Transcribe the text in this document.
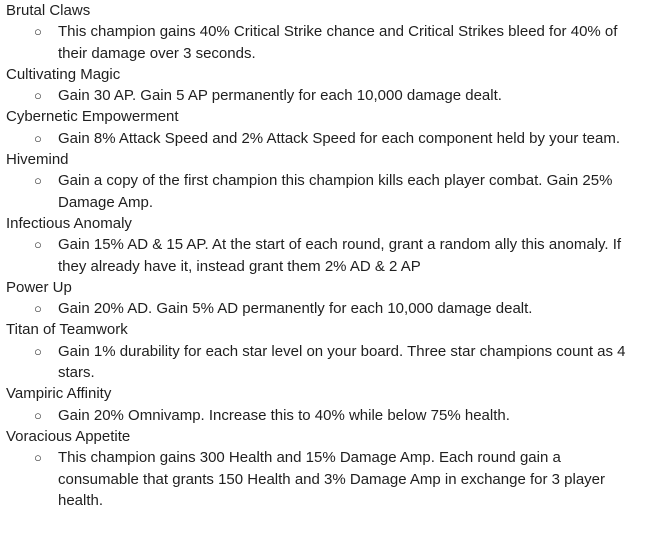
Brutal Claws
○ This champion gains 40% Critical Strike chance and Critical Strikes bleed for 40% of their damage over 3 seconds.
Cultivating Magic
○ Gain 30 AP. Gain 5 AP permanently for each 10,000 damage dealt.
Cybernetic Empowerment
○ Gain 8% Attack Speed and 2% Attack Speed for each component held by your team.
Hivemind
○ Gain a copy of the first champion this champion kills each player combat. Gain 25% Damage Amp.
Infectious Anomaly
○ Gain 15% AD & 15 AP. At the start of each round, grant a random ally this anomaly. If they already have it, instead grant them 2% AD & 2 AP
Power Up
○ Gain 20% AD. Gain 5% AD permanently for each 10,000 damage dealt.
Titan of Teamwork
○ Gain 1% durability for each star level on your board. Three star champions count as 4 stars.
Vampiric Affinity
○ Gain 20% Omnivamp. Increase this to 40% while below 75% health.
Voracious Appetite
○ This champion gains 300 Health and 15% Damage Amp. Each round gain a consumable that grants 150 Health and 3% Damage Amp in exchange for 3 player health.
